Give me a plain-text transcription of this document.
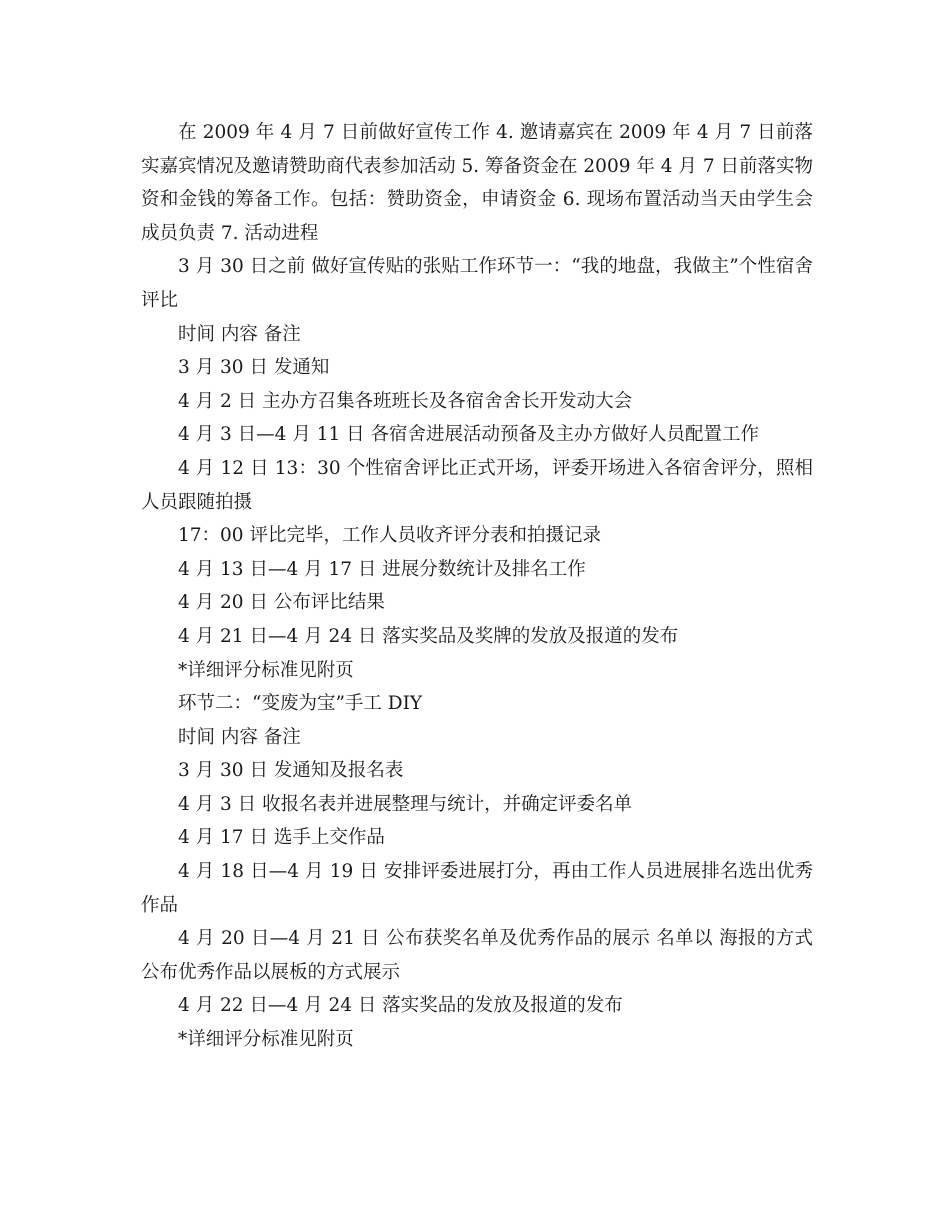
在 2009 年 4 月 7 日前做好宣传工作 4. 邀请嘉宾在 2009 年 4 月 7 日前落实嘉宾情况及邀请赞助商代表参加活动 5. 筹备资金在 2009 年 4 月 7 日前落实物资和金钱的筹备工作。包括：赞助资金，申请资金 6. 现场布置活动当天由学生会成员负责 7. 活动进程

3 月 30 日之前 做好宣传贴的张贴工作环节一：“我的地盘，我做主”个性宿舍评比

时间 内容 备注

3 月 30 日 发通知

4 月 2 日 主办方召集各班班长及各宿舍舍长开发动大会

4 月 3 日—4 月 11 日 各宿舍进展活动预备及主办方做好人员配置工作

4 月 12 日 13：30 个性宿舍评比正式开场，评委开场进入各宿舍评分，照相人员跟随拍摄

17：00 评比完毕，工作人员收齐评分表和拍摄记录

4 月 13 日—4 月 17 日 进展分数统计及排名工作

4 月 20 日 公布评比结果

4 月 21 日—4 月 24 日 落实奖品及奖牌的发放及报道的发布

*详细评分标准见附页

环节二：“变废为宝”手工 DIY

时间 内容 备注

3 月 30 日 发通知及报名表

4 月 3 日 收报名表并进展整理与统计，并确定评委名单

4 月 17 日 选手上交作品

4 月 18 日—4 月 19 日 安排评委进展打分，再由工作人员进展排名选出优秀作品

4 月 20 日—4 月 21 日 公布获奖名单及优秀作品的展示 名单以 海报的方式公布优秀作品以展板的方式展示

4 月 22 日—4 月 24 日 落实奖品的发放及报道的发布

*详细评分标准见附页
